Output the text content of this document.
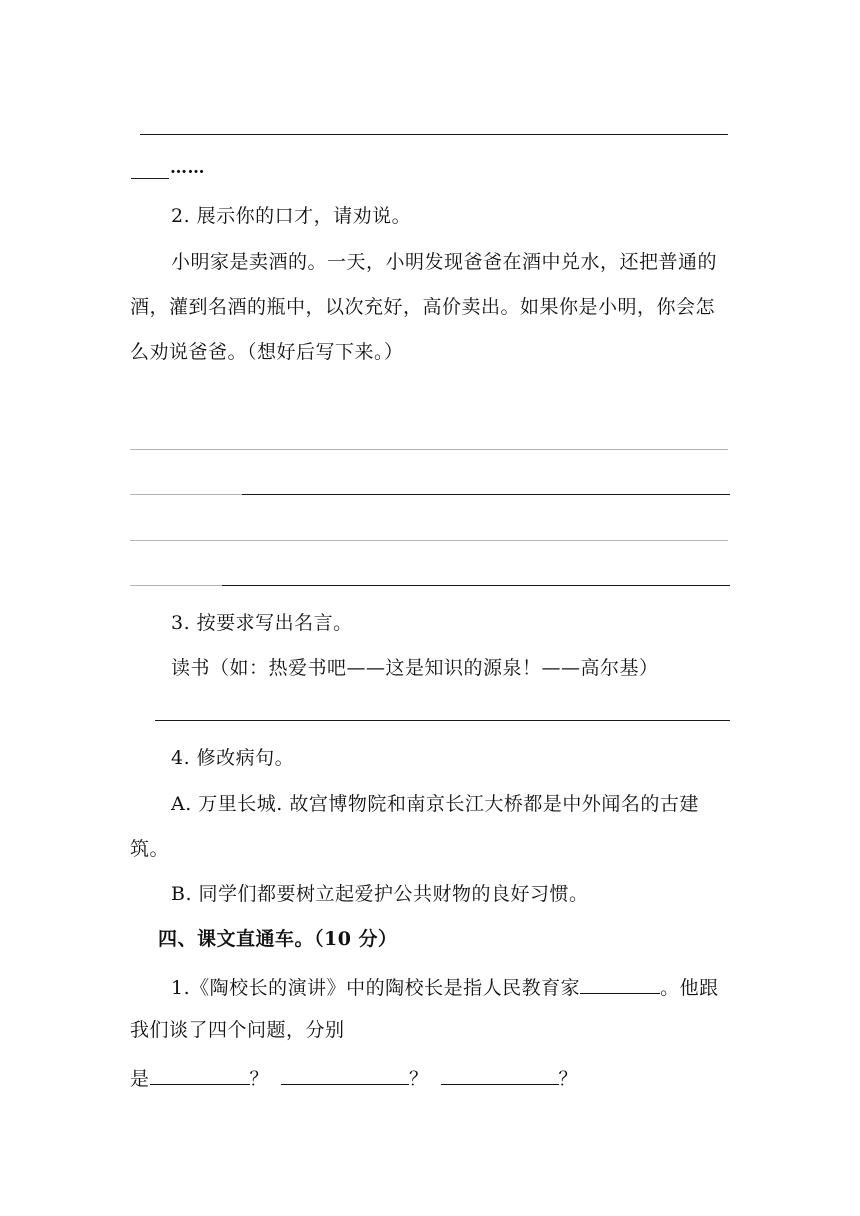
……
2. 展示你的口才，请劝说。
小明家是卖酒的。一天，小明发现爸爸在酒中兑水，还把普通的
酒，灌到名酒的瓶中，以次充好，高价卖出。如果你是小明，你会怎
么劝说爸爸。（想好后写下来。）
3. 按要求写出名言。
读书（如：热爱书吧——这是知识的源泉！——高尔基）
4. 修改病句。
A. 万里长城. 故宫博物院和南京长江大桥都是中外闻名的古建
筑。
B. 同学们都要树立起爱护公共财物的良好习惯。
四、课文直通车。（10 分）
1.《陶校长的演讲》中的陶校长是指人民教育家	。他跟
我们谈了四个问题，分别
是	？	？	？
